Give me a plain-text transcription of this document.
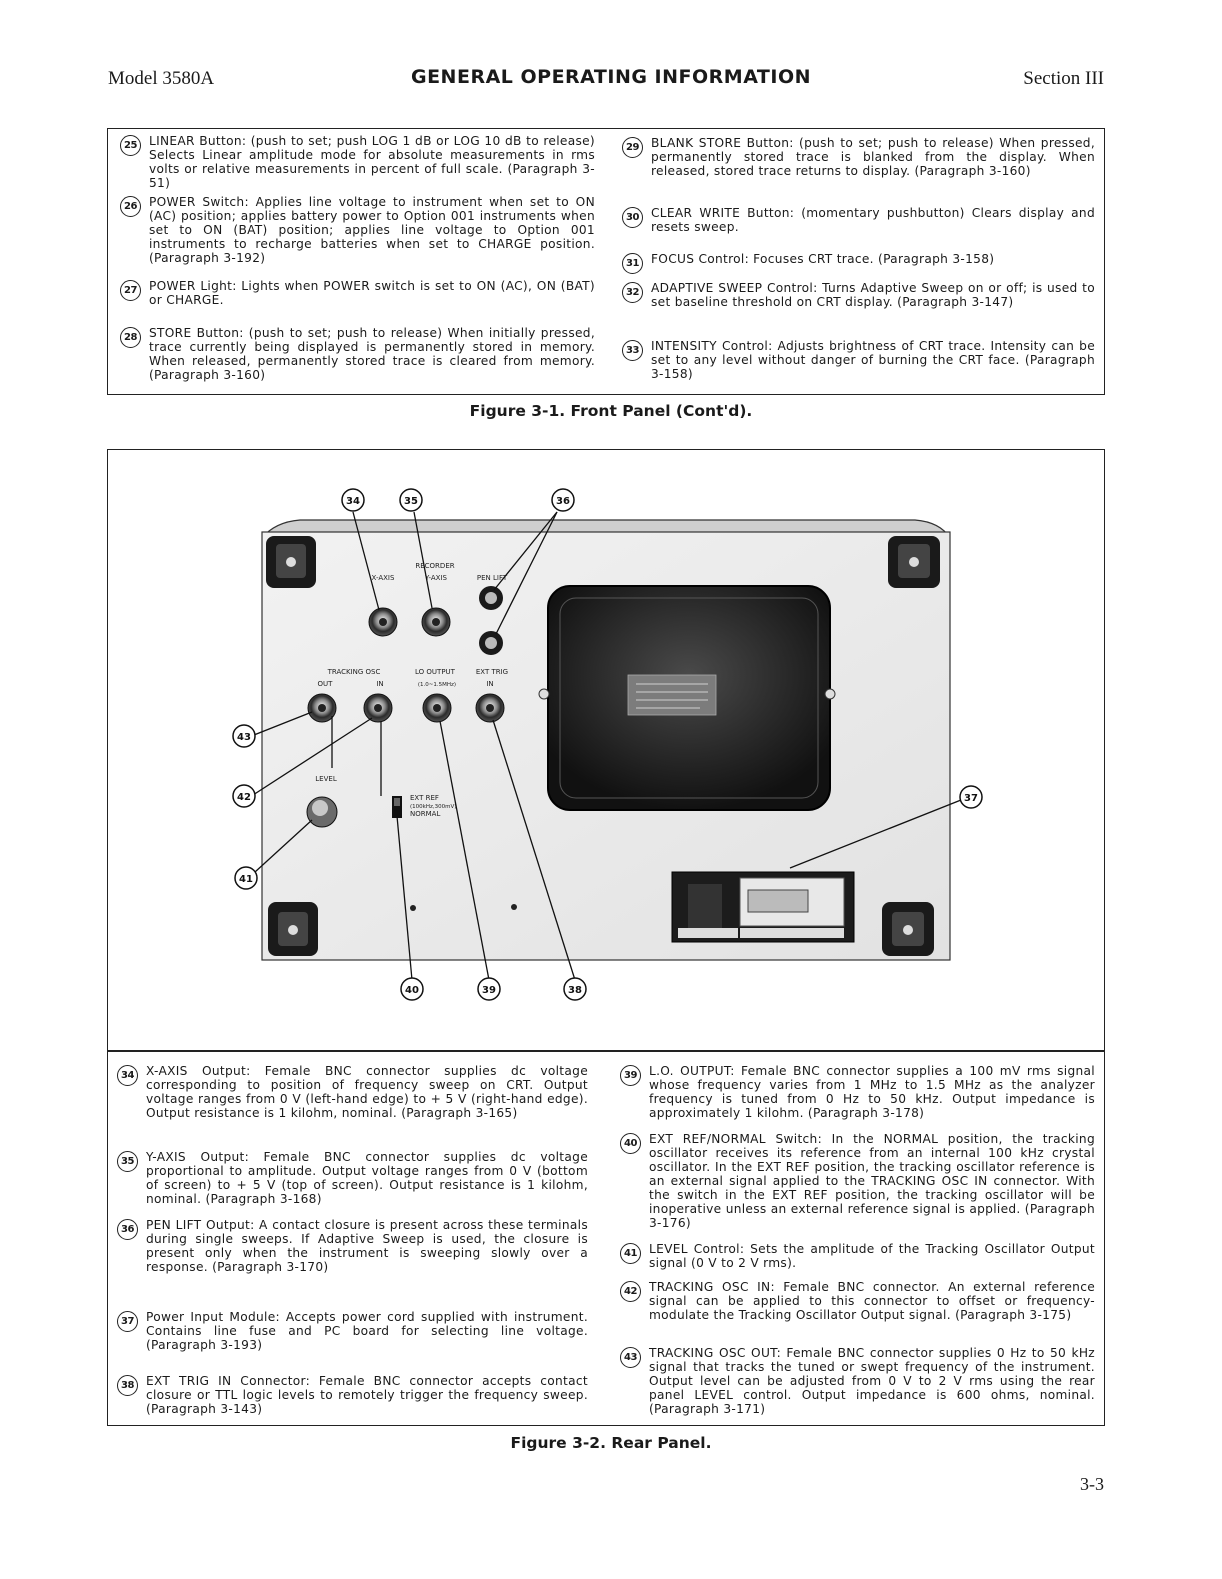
Model 3580A	GENERAL OPERATING INFORMATION	Section III
25 LINEAR Button: (push to set; push LOG 1 dB or LOG 10 dB to release) Selects Linear amplitude mode for absolute measurements in rms volts or relative measurements in percent of full scale. (Paragraph 3-51)
26 POWER Switch: Applies line voltage to instrument when set to ON (AC) position; applies battery power to Option 001 instruments when set to ON (BAT) position; applies line voltage to Option 001 instruments to recharge batteries when set to CHARGE position. (Paragraph 3-192)
27 POWER Light: Lights when POWER switch is set to ON (AC), ON (BAT) or CHARGE.
28 STORE Button: (push to set; push to release) When initially pressed, trace currently being displayed is permanently stored in memory. When released, permanently stored trace is cleared from memory. (Paragraph 3-160)
29 BLANK STORE Button: (push to set; push to release) When pressed, permanently stored trace is blanked from the display. When released, stored trace returns to display. (Paragraph 3-160)
30 CLEAR WRITE Button: (momentary pushbutton) Clears display and resets sweep.
31 FOCUS Control: Focuses CRT trace. (Paragraph 3-158)
32 ADAPTIVE SWEEP Control: Turns Adaptive Sweep on or off; is used to set baseline threshold on CRT display. (Paragraph 3-147)
33 INTENSITY Control: Adjusts brightness of CRT trace. Intensity can be set to any level without danger of burning the CRT face. (Paragraph 3-158)
Figure 3-1. Front Panel (Cont'd).
RECORDER
X-AXIS	Y-AXIS	PEN LIFT
TRACKING OSC
OUT	IN
LO OUTPUT
(1.0~1.5MHz)
EXT TRIG
IN
LEVEL
EXT REF
(100kHz,300mV)
NORMAL
34	35	36
37
38
39
40
41
42
43
34 X-AXIS Output: Female BNC connector supplies dc voltage corresponding to position of frequency sweep on CRT. Output voltage ranges from 0 V (left-hand edge) to + 5 V (right-hand edge). Output resistance is 1 kilohm, nominal. (Paragraph 3-165)
35 Y-AXIS Output: Female BNC connector supplies dc voltage proportional to amplitude. Output voltage ranges from 0 V (bottom of screen) to + 5 V (top of screen). Output resistance is 1 kilohm, nominal. (Paragraph 3-168)
36 PEN LIFT Output: A contact closure is present across these terminals during single sweeps. If Adaptive Sweep is used, the closure is present only when the instrument is sweeping slowly over a response. (Paragraph 3-170)
37 Power Input Module: Accepts power cord supplied with instrument. Contains line fuse and PC board for selecting line voltage. (Paragraph 3-193)
38 EXT TRIG IN Connector: Female BNC connector accepts contact closure or TTL logic levels to remotely trigger the frequency sweep. (Paragraph 3-143)
39 L.O. OUTPUT: Female BNC connector supplies a 100 mV rms signal whose frequency varies from 1 MHz to 1.5 MHz as the analyzer frequency is tuned from 0 Hz to 50 kHz. Output impedance is approximately 1 kilohm. (Paragraph 3-178)
40 EXT REF/NORMAL Switch: In the NORMAL position, the tracking oscillator receives its reference from an internal 100 kHz crystal oscillator. In the EXT REF position, the tracking oscillator reference is an external signal applied to the TRACKING OSC IN connector. With the switch in the EXT REF position, the tracking oscillator will be inoperative unless an external reference signal is applied. (Paragraph 3-176)
41 LEVEL Control: Sets the amplitude of the Tracking Oscillator Output signal (0 V to 2 V rms).
42 TRACKING OSC IN: Female BNC connector. An external reference signal can be applied to this connector to offset or frequency-modulate the Tracking Oscillator Output signal. (Paragraph 3-175)
43 TRACKING OSC OUT: Female BNC connector supplies 0 Hz to 50 kHz signal that tracks the tuned or swept frequency of the instrument. Output level can be adjusted from 0 V to 2 V rms using the rear panel LEVEL control. Output impedance is 600 ohms, nominal. (Paragraph 3-171)
Figure 3-2. Rear Panel.
3-3
